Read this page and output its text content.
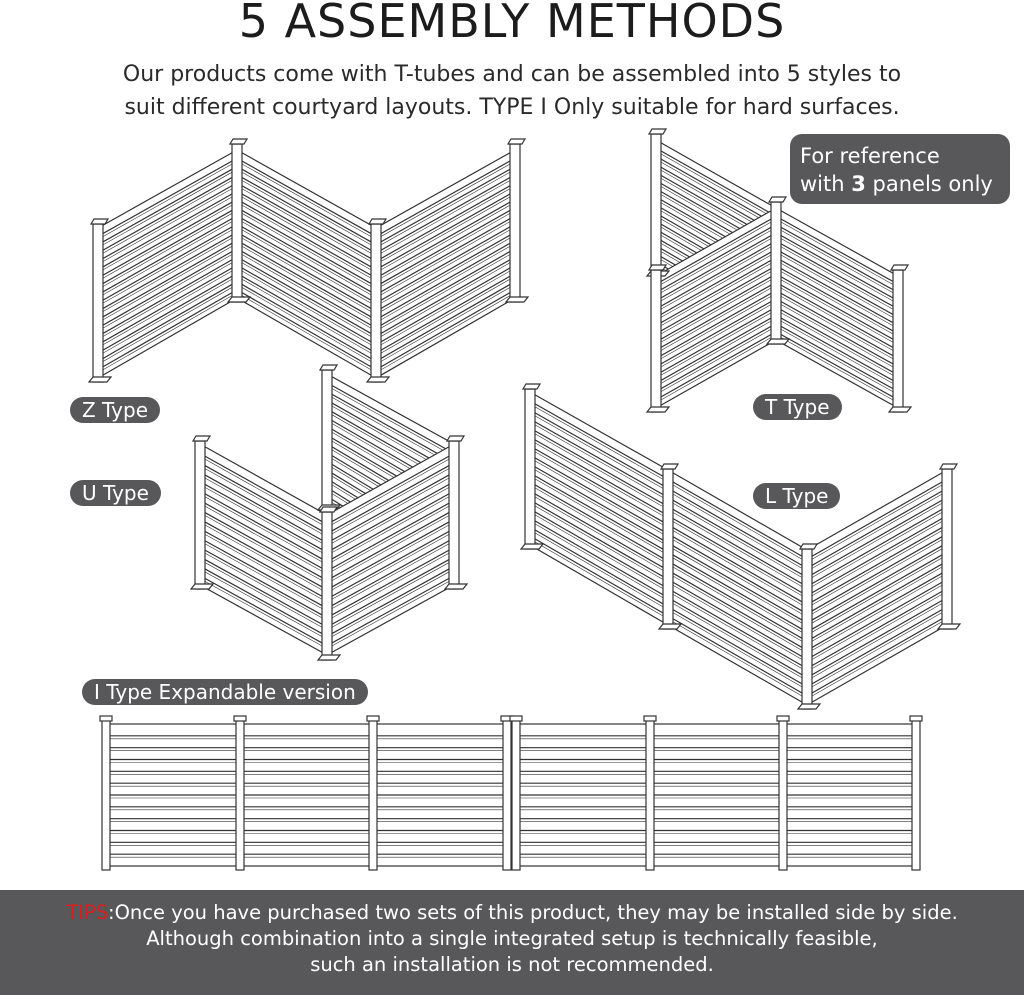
5 ASSEMBLY METHODS
Our products come with T-tubes and can be assembled into 5 styles to
suit different courtyard layouts. TYPE I Only suitable for hard surfaces.
For reference
with 3 panels only
Z Type	T Type
U Type	L Type
I Type Expandable version
TIPS:Once you have purchased two sets of this product, they may be installed side by side.
Although combination into a single integrated setup is technically feasible,
such an installation is not recommended.
